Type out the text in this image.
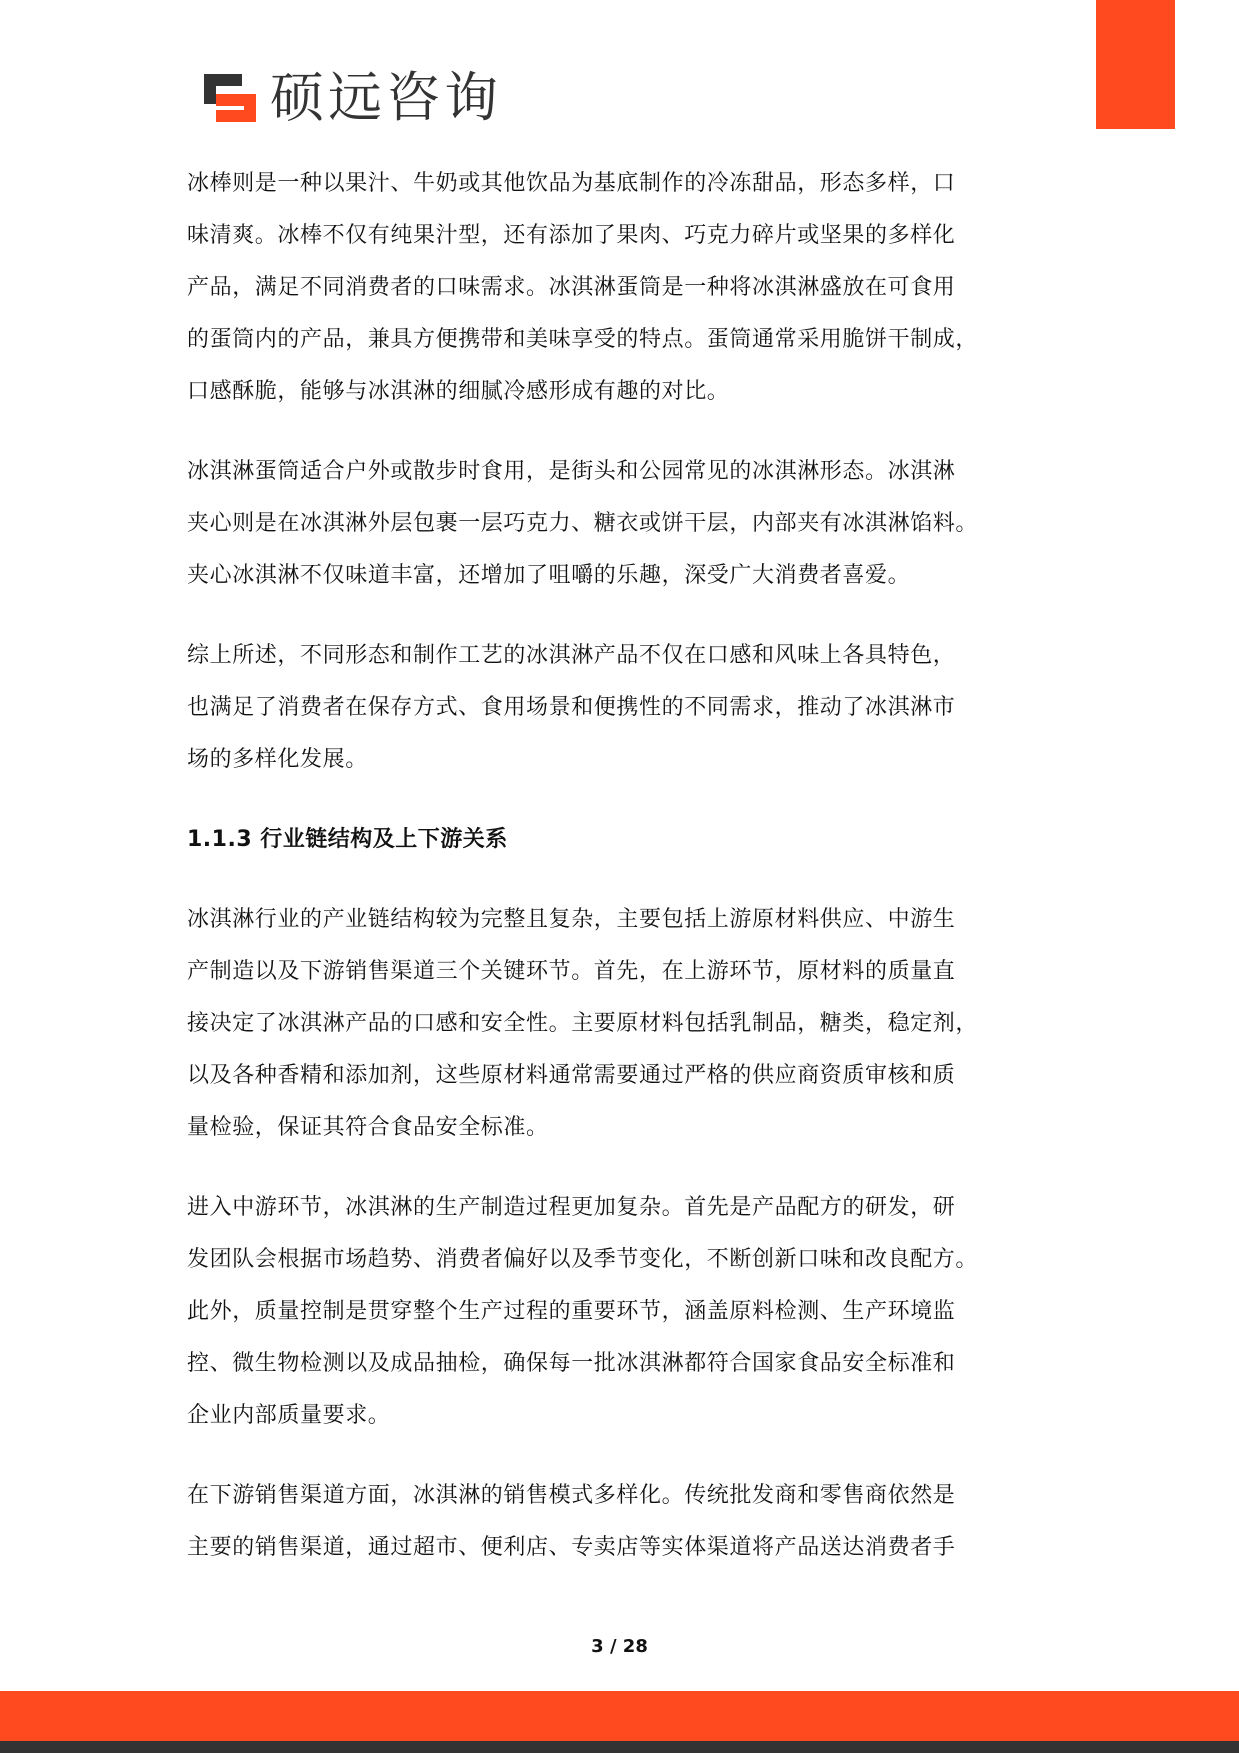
硕远咨询
冰棒则是一种以果汁、牛奶或其他饮品为基底制作的冷冻甜品，形态多样，口
味清爽。冰棒不仅有纯果汁型，还有添加了果肉、巧克力碎片或坚果的多样化
产品，满足不同消费者的口味需求。冰淇淋蛋筒是一种将冰淇淋盛放在可食用
的蛋筒内的产品，兼具方便携带和美味享受的特点。蛋筒通常采用脆饼干制成，
口感酥脆，能够与冰淇淋的细腻冷感形成有趣的对比。
冰淇淋蛋筒适合户外或散步时食用，是街头和公园常见的冰淇淋形态。冰淇淋
夹心则是在冰淇淋外层包裹一层巧克力、糖衣或饼干层，内部夹有冰淇淋馅料。
夹心冰淇淋不仅味道丰富，还增加了咀嚼的乐趣，深受广大消费者喜爱。
综上所述，不同形态和制作工艺的冰淇淋产品不仅在口感和风味上各具特色，
也满足了消费者在保存方式、食用场景和便携性的不同需求，推动了冰淇淋市
场的多样化发展。
1.1.3 行业链结构及上下游关系
冰淇淋行业的产业链结构较为完整且复杂，主要包括上游原材料供应、中游生
产制造以及下游销售渠道三个关键环节。首先，在上游环节，原材料的质量直
接决定了冰淇淋产品的口感和安全性。主要原材料包括乳制品，糖类，稳定剂，
以及各种香精和添加剂，这些原材料通常需要通过严格的供应商资质审核和质
量检验，保证其符合食品安全标准。
进入中游环节，冰淇淋的生产制造过程更加复杂。首先是产品配方的研发，研
发团队会根据市场趋势、消费者偏好以及季节变化，不断创新口味和改良配方。
此外，质量控制是贯穿整个生产过程的重要环节，涵盖原料检测、生产环境监
控、微生物检测以及成品抽检，确保每一批冰淇淋都符合国家食品安全标准和
企业内部质量要求。
在下游销售渠道方面，冰淇淋的销售模式多样化。传统批发商和零售商依然是
主要的销售渠道，通过超市、便利店、专卖店等实体渠道将产品送达消费者手
3 / 28
